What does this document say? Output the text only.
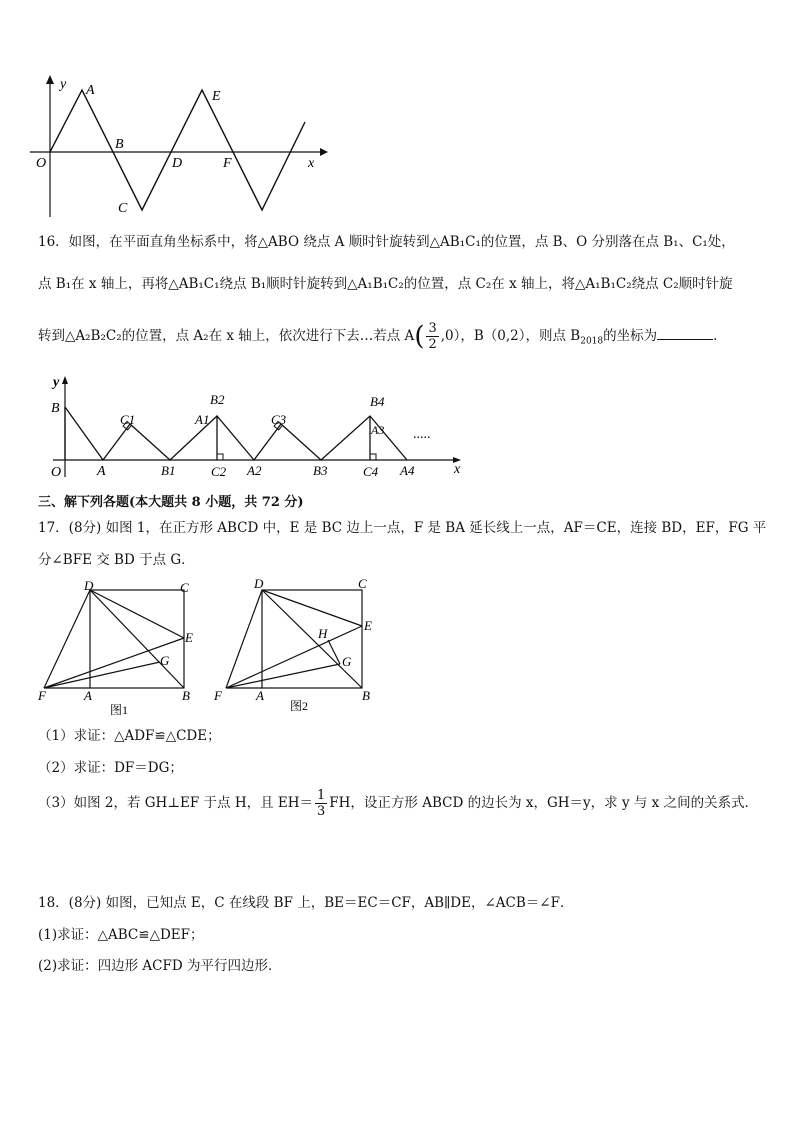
y A	E
O
B
D	F	x
C
16．如图，在平面直角坐标系中，将△ABO 绕点 A 顺时针旋转到△AB₁C₁的位置，点 B、O 分别落在点 B₁、C₁处，
点 B₁在 x 轴上，再将△AB₁C₁绕点 B₁顺时针旋转到△A₁B₁C₂的位置，点 C₂在 x 轴上，将△A₁B₁C₂绕点 C₂顺时针旋
转到△A₂B₂C₂的位置，点 A₂在 x 轴上，依次进行下去…若点 $A( \frac{3}{2} ,0)$，B（0,2），则点 $B_{2018}$的坐标为	．
y
B
O	A
C1
B1
B2
A1
C2 A2
C3
B3
B4
A3
C4 A4
.....
x
三、解下列各题(本大题共 8 小题，共 72 分)
17．(8分) 如图 1，在正方形 ABCD 中，E 是 BC 边上一点，F 是 BA 延长线上一点，AF＝CE，连接 BD，EF，FG 平
分∠BFE 交 BD 于点 G．
D	C
E
G
F	A	B
图1
D	C
H
E
G
F	A	B
图2
（1）求证：△ADF≌△CDE；
（2）求证：DF＝DG；
（3）如图 2，若 GH⊥EF 于点 H，且 $EH= \frac{1}{3}$ FH，设正方形 ABCD 的边长为 x，GH＝y，求 y 与 x 之间的关系式．
18．(8分) 如图，已知点 E，C 在线段 BF 上，BE＝EC＝CF，AB∥DE，∠ACB＝∠F．
(1)求证：△ABC≌△DEF；
(2)求证：四边形 ACFD 为平行四边形．
